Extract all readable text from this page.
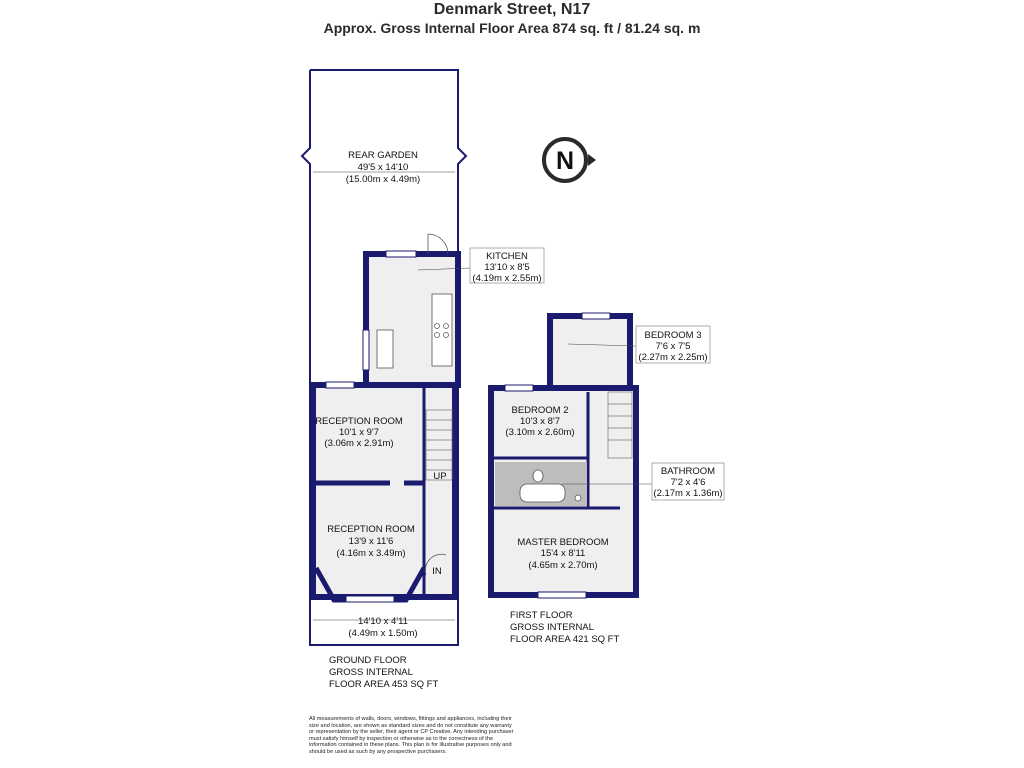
Denmark Street, N17
Approx. Gross Internal Floor Area 874 sq. ft / 81.24 sq. m
REAR GARDEN
49'5 x 14'10
(15.00m x 4.49m)
KITCHEN
13'10 x 8'5
(4.19m x 2.55m)
RECEPTION ROOM
10'1 x 9'7
(3.06m x 2.91m)
RECEPTION ROOM
13'9 x 11'6
(4.16m x 3.49m)
14'10 x 4'11
(4.49m x 1.50m)
BEDROOM 3
7'6 x 7'5
(2.27m x 2.25m)
BEDROOM 2
10'3 x 8'7
(3.10m x 2.60m)
BATHROOM
7'2 x 4'6
(2.17m x 1.36m)
MASTER BEDROOM
15'4 x 8'11
(4.65m x 2.70m)
UP
IN
N
GROUND FLOOR
GROSS INTERNAL
FLOOR AREA 453 SQ FT
FIRST FLOOR
GROSS INTERNAL
FLOOR AREA 421 SQ FT
All measurements of walls, doors, windows, fittings and appliances, including their size and location, are shown as standard sizes and do not constitute any warranty or representation by the seller, their agent or CP Creative. Any intending purchaser must satisfy himself by inspection or otherwise as to the correctness of the information contained in these plans. This plan is for illustrative purposes only and should be used as such by any prospective purchasers.
